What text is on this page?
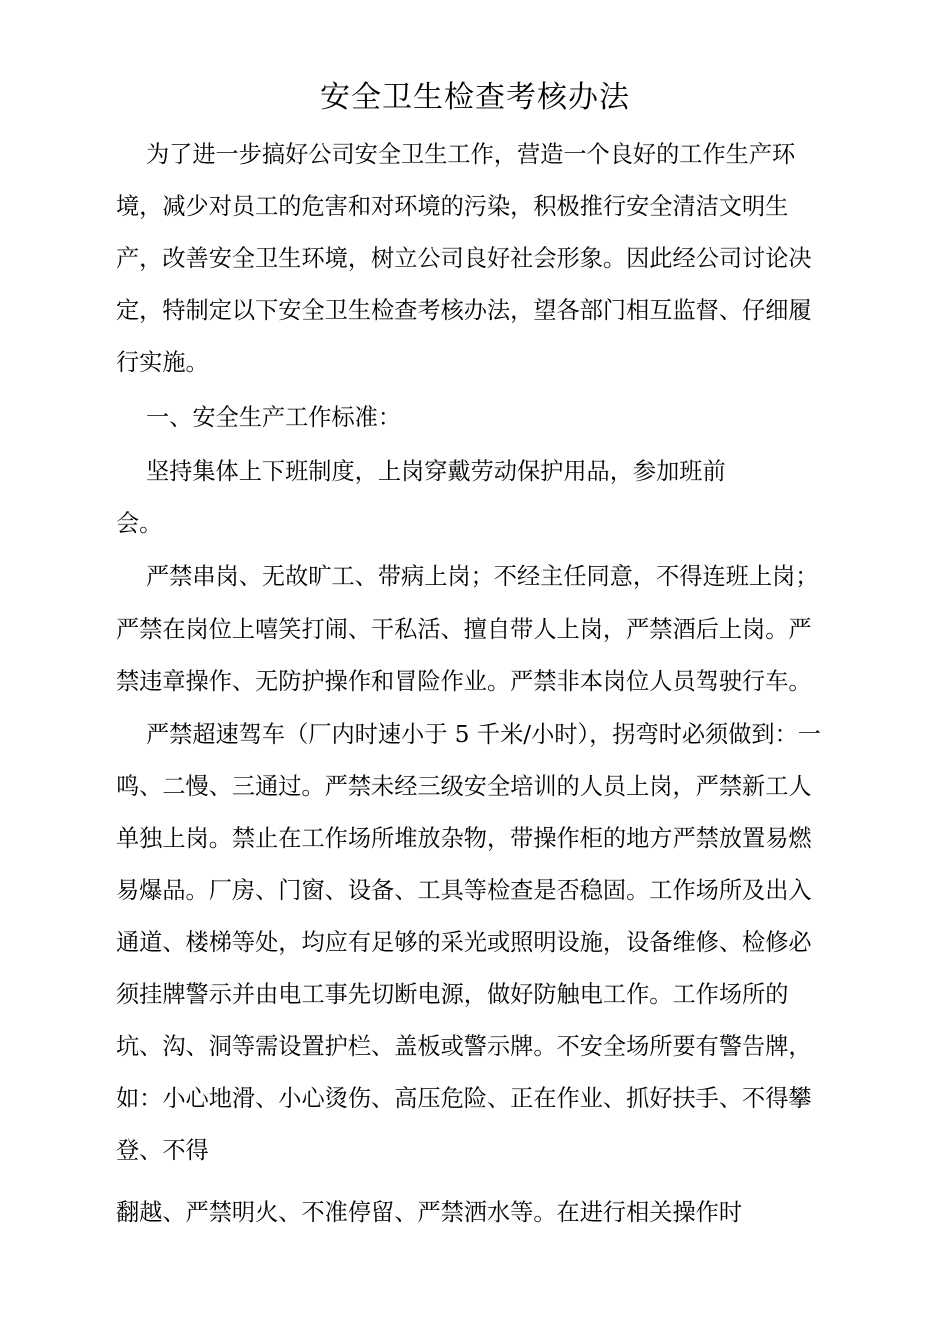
安全卫生检查考核办法
为了进一步搞好公司安全卫生工作，营造一个良好的工作生产环
境，减少对员工的危害和对环境的污染，积极推行安全清洁文明生
产，改善安全卫生环境，树立公司良好社会形象。因此经公司讨论决
定，特制定以下安全卫生检查考核办法，望各部门相互监督、仔细履
行实施。
一、安全生产工作标准：
坚持集体上下班制度，上岗穿戴劳动保护用品，参加班前
会。
严禁串岗、无故旷工、带病上岗；不经主任同意，不得连班上岗；
严禁在岗位上嘻笑打闹、干私活、擅自带人上岗，严禁酒后上岗。严
禁违章操作、无防护操作和冒险作业。严禁非本岗位人员驾驶行车。
严禁超速驾车（厂内时速小于 5 千米/小时），拐弯时必须做到：一
鸣、二慢、三通过。严禁未经三级安全培训的人员上岗，严禁新工人
单独上岗。禁止在工作场所堆放杂物，带操作柜的地方严禁放置易燃
易爆品。厂房、门窗、设备、工具等检查是否稳固。工作场所及出入
通道、楼梯等处，均应有足够的采光或照明设施，设备维修、检修必
须挂牌警示并由电工事先切断电源，做好防触电工作。工作场所的
坑、沟、洞等需设置护栏、盖板或警示牌。不安全场所要有警告牌，
如：小心地滑、小心烫伤、高压危险、正在作业、抓好扶手、不得攀
登、不得
翻越、严禁明火、不准停留、严禁洒水等。在进行相关操作时
